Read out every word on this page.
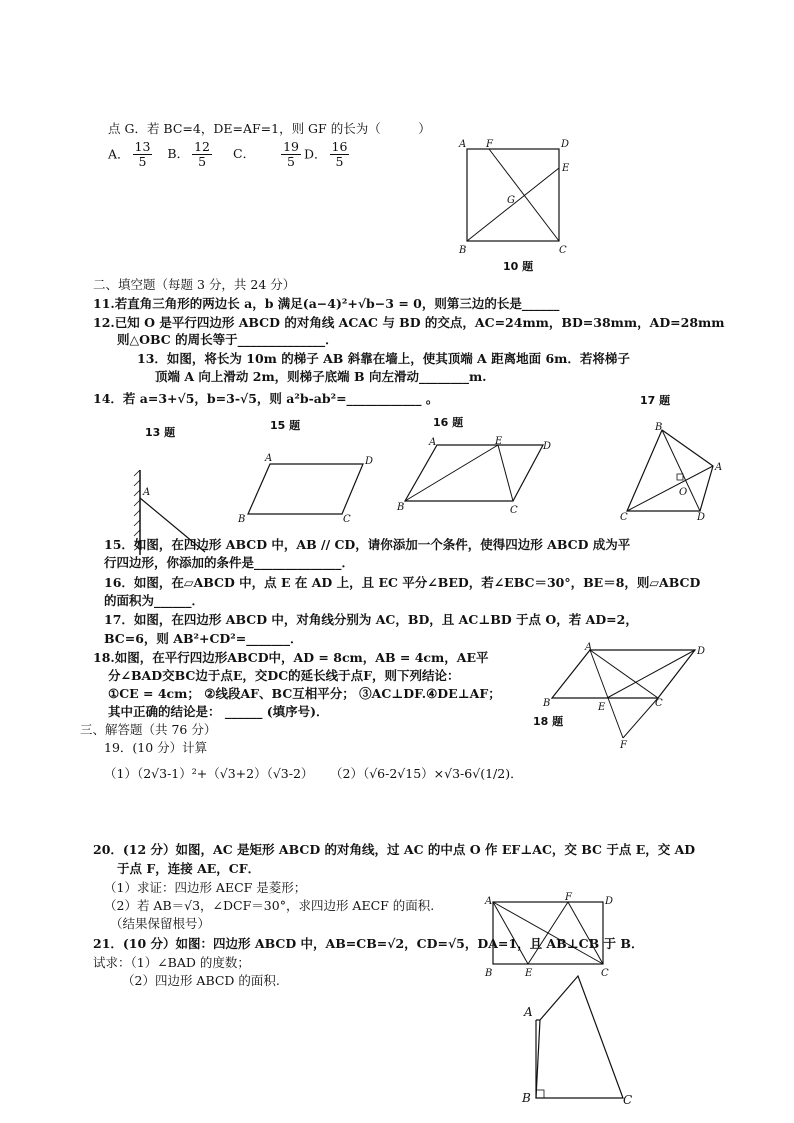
点 G．若 BC=4，DE=AF=1，则 GF 的长为（　　　）
A． $\frac{13}{5}$ B． $\frac{12}{5}$ C． $\frac{19}{5}$ D． $\frac{16}{5}$	A F	D
E
G
B	C
10 题
二、填空题（每题 3 分，共 24 分）
11.若直角三角形的两边长 a，b 满足(a−4)²+√b−3 = 0，则第三边的长是______
12.已知 O 是平行四边形 ABCD 的对角线 ACAC 与 BD 的交点，AC=24mm，BD=38mm，AD=28mm
则△OBC 的周长等于______________．
13．如图，将长为 10m 的梯子 AB 斜靠在墙上，使其顶端 A 距离地面 6m．若将梯子
顶端 A 向上滑动 2m，则梯子底端 B 向左滑动________m.
14．若 a=3+√5，b=3-√5，则 a²b-ab²=____________ 。	17 题
16 题
15 题
13 题
A
A	D
B	C
A	E	D
B	C
B
A
O
C	D
15．如图，在四边形 ABCD 中，AB // CD，请你添加一个条件，使得四边形 ABCD 成为平
行四边形，你添加的条件是______________．
16．如图，在▱ABCD 中，点 E 在 AD 上，且 EC 平分∠BED，若∠EBC＝30°，BE＝8，则▱ABCD
的面积为______．
17．如图，在四边形 ABCD 中，对角线分别为 AC，BD，且 AC⊥BD 于点 O，若 AD=2，
BC=6，则 AB²+CD²=_______．
18.如图，在平行四边形ABCD中，AD = 8cm，AB = 4cm，AE平
分∠BAD交BC边于点E，交DC的延长线于点F，则下列结论：
①CE = 4cm； ②线段AF、BC互相平分； ③AC⊥DF.④DE⊥AF；
其中正确的结论是： ______ (填序号)．
A	D
B	E	C
F
18 题
三、解答题（共 76 分）
19．(10 分）计算
（1）（2√3-1）²+（√3+2）（√3-2） （2）（√6-2√15）×√3-6√(1/2)．
20．(12 分）如图，AC 是矩形 ABCD 的对角线，过 AC 的中点 O 作 EF⊥AC，交 BC 于点 E，交 AD
于点 F，连接 AE，CF．
（1）求证：四边形 AECF 是菱形；
（2）若 AB＝√3，∠DCF＝30°，求四边形 AECF 的面积.
（结果保留根号）
A	F	D
B	E	C
21．(10 分）如图：四边形 ABCD 中，AB=CB=√2，CD=√5，DA=1，且 AB⊥CB 于 B．
试求：（1）∠BAD 的度数；
（2）四边形 ABCD 的面积.
A
B	C
